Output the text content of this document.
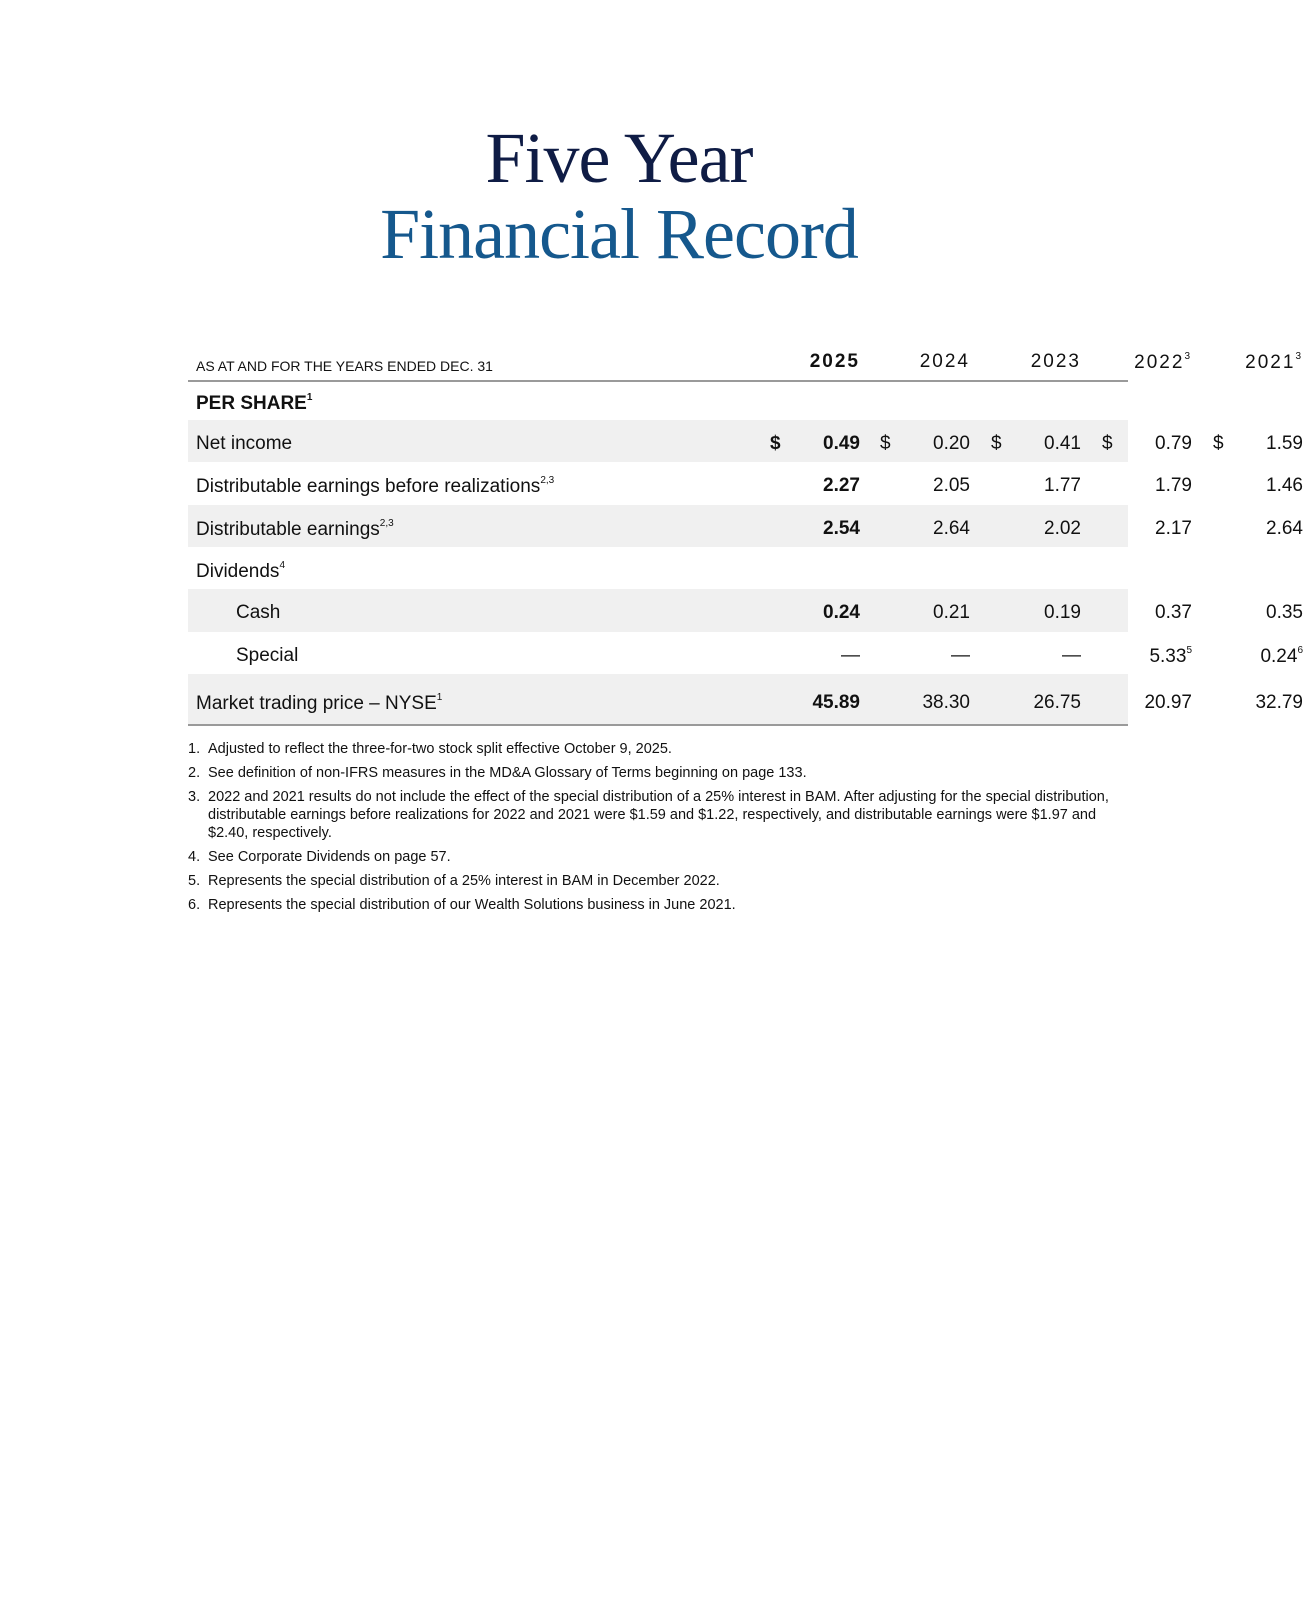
Five Year
Financial Record
AS AT AND FOR THE YEARS ENDED DEC. 31	2025	2024	2023	2022$^3$	2021$^3$
PER SHARE$^1$
Net income	$ 0.49 $ 0.20 $ 0.41 $ 0.79 $ 1.59
Distributable earnings before realizations$^{2,3}$	2.27	2.05	1.77	1.79	1.46
Distributable earnings$^{2,3}$	2.54	2.64	2.02	2.17	2.64
Dividends$^4$
Cash	0.24	0.21	0.19	0.37	0.35
Special	—	—	—	5.33$^5$	0.24$^6$
Market trading price – NYSE$^1$	45.89	38.30	26.75	20.97	32.79
1. Adjusted to reflect the three-for-two stock split effective October 9, 2025.
2. See definition of non-IFRS measures in the MD&A Glossary of Terms beginning on page 133.
3. 2022 and 2021 results do not include the effect of the special distribution of a 25% interest in BAM. After adjusting for the special distribution, distributable earnings before realizations for 2022 and 2021 were $1.59 and $1.22, respectively, and distributable earnings were $1.97 and $2.40, respectively.
4. See Corporate Dividends on page 57.
5. Represents the special distribution of a 25% interest in BAM in December 2022.
6. Represents the special distribution of our Wealth Solutions business in June 2021.
